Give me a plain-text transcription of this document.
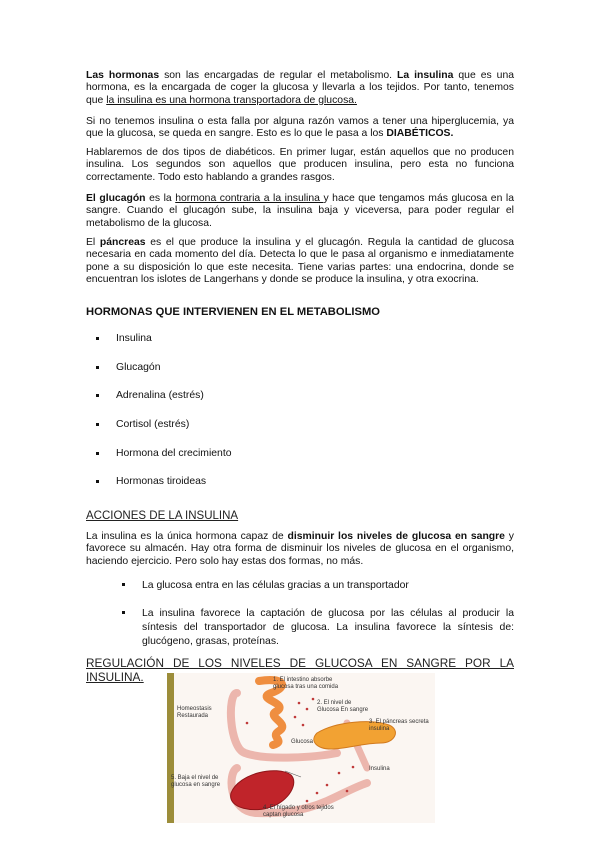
Las hormonas son las encargadas de regular el metabolismo. La insulina que es una hormona, es la encargada de coger la glucosa y llevarla a los tejidos. Por tanto, tenemos que la insulina es una hormona transportadora de glucosa.

Si no tenemos insulina o esta falla por alguna razón vamos a tener una hiperglucemia, ya que la glucosa, se queda en sangre. Esto es lo que le pasa a los DIABÉTICOS.

Hablaremos de dos tipos de diabéticos. En primer lugar, están aquellos que no producen insulina. Los segundos son aquellos que producen insulina, pero esta no funciona correctamente. Todo esto hablando a grandes rasgos.

El glucagón es la hormona contraria a la insulina y hace que tengamos más glucosa en la sangre. Cuando el glucagón sube, la insulina baja y viceversa, para poder regular el metabolismo de la glucosa.

El páncreas es el que produce la insulina y el glucagón. Regula la cantidad de glucosa necesaria en cada momento del día. Detecta lo que le pasa al organismo e inmediatamente pone a su disposición lo que este necesita. Tiene varias partes: una endocrina, donde se encuentran los islotes de Langerhans y donde se produce la insulina, y otra exocrina.

HORMONAS QUE INTERVIENEN EN EL METABOLISMO

Insulina
Glucagón
Adrenalina (estrés)
Cortisol (estrés)
Hormona del crecimiento
Hormonas tiroideas

ACCIONES DE LA INSULINA

La insulina es la única hormona capaz de disminuir los niveles de glucosa en sangre y favorece su almacén. Hay otra forma de disminuir los niveles de glucosa en el organismo, haciendo ejercicio. Pero solo hay estas dos formas, no más.

La glucosa entra en las células gracias a un transportador
La insulina favorece la captación de glucosa por las células al producir la síntesis del transportador de glucosa. La insulina favorece la síntesis de: glucógeno, grasas, proteínas.

REGULACIÓN DE LOS NIVELES DE GLUCOSA EN SANGRE POR LA INSULINA.

Homeostasis Restaurada
1. El intestino absorbe glucosa tras una comida
2. El nivel de Glucosa En sangre
3. El páncreas secreta insulina
Glucosa
Insulina
5. Baja el nivel de glucosa en sangre
4. El hígado y otros tejidos captan glucosa
